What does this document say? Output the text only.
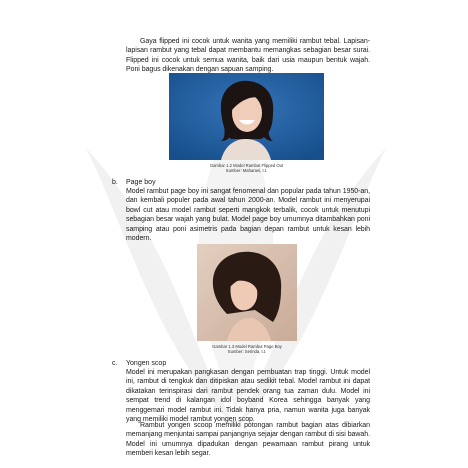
Gaya flipped ini cocok untuk wanita yang memiliki rambut tebal. Lapisan-lapisan rambut yang tebal dapat membantu memangkas sebagian besar surai. Flipped ini cocok untuk semua wanita, baik dari usia maupun bentuk wajah. Poni bagus dikenakan dengan sapuan samping.

Gambar 1.2 Model Rambut Flipped Out
Sumber: Maharani, t.t.

b. Page boy

Model rambut page boy ini sangat fenomenal dan popular pada tahun 1950-an, dan kembali populer pada awal tahun 2000-an. Model rambut ini menyerupai bowl cut atau model rambut seperti mangkok terbalik, cocok untuk menutupi sebagian besar wajah yang bulat. Model page boy umumnya ditambahkan poni samping atau poni asimetris pada bagian depan rambut untuk kesan lebih modern.

Gambar 1.3 Model Rambut Page Boy
Sumber: Serinda, t.t.

c. Yongen scop

Model ini merupakan pangkasan dengan pembuatan trap tinggi. Untuk model ini, rambut di tengkuk dan ditipiskan atau sedikit tebal. Model rambut ini dapat dikatakan terinspirasi dari rambut pendek orang tua zaman dulu. Model ini sempat trend di kalangan idol boyband Korea sehingga banyak yang menggemari model rambut ini. Tidak hanya pria, namun wanita juga banyak yang memiliki model rambut yongen scop.

Rambut yongen scoop memiliki potongan rambut bagian atas dibiarkan memanjang menjuntai sampai panjangnya sejajar dengan rambut di sisi bawah. Model ini umumnya dipadukan dengan pewarnaan rambut pirang untuk memberi kesan lebih segar.
